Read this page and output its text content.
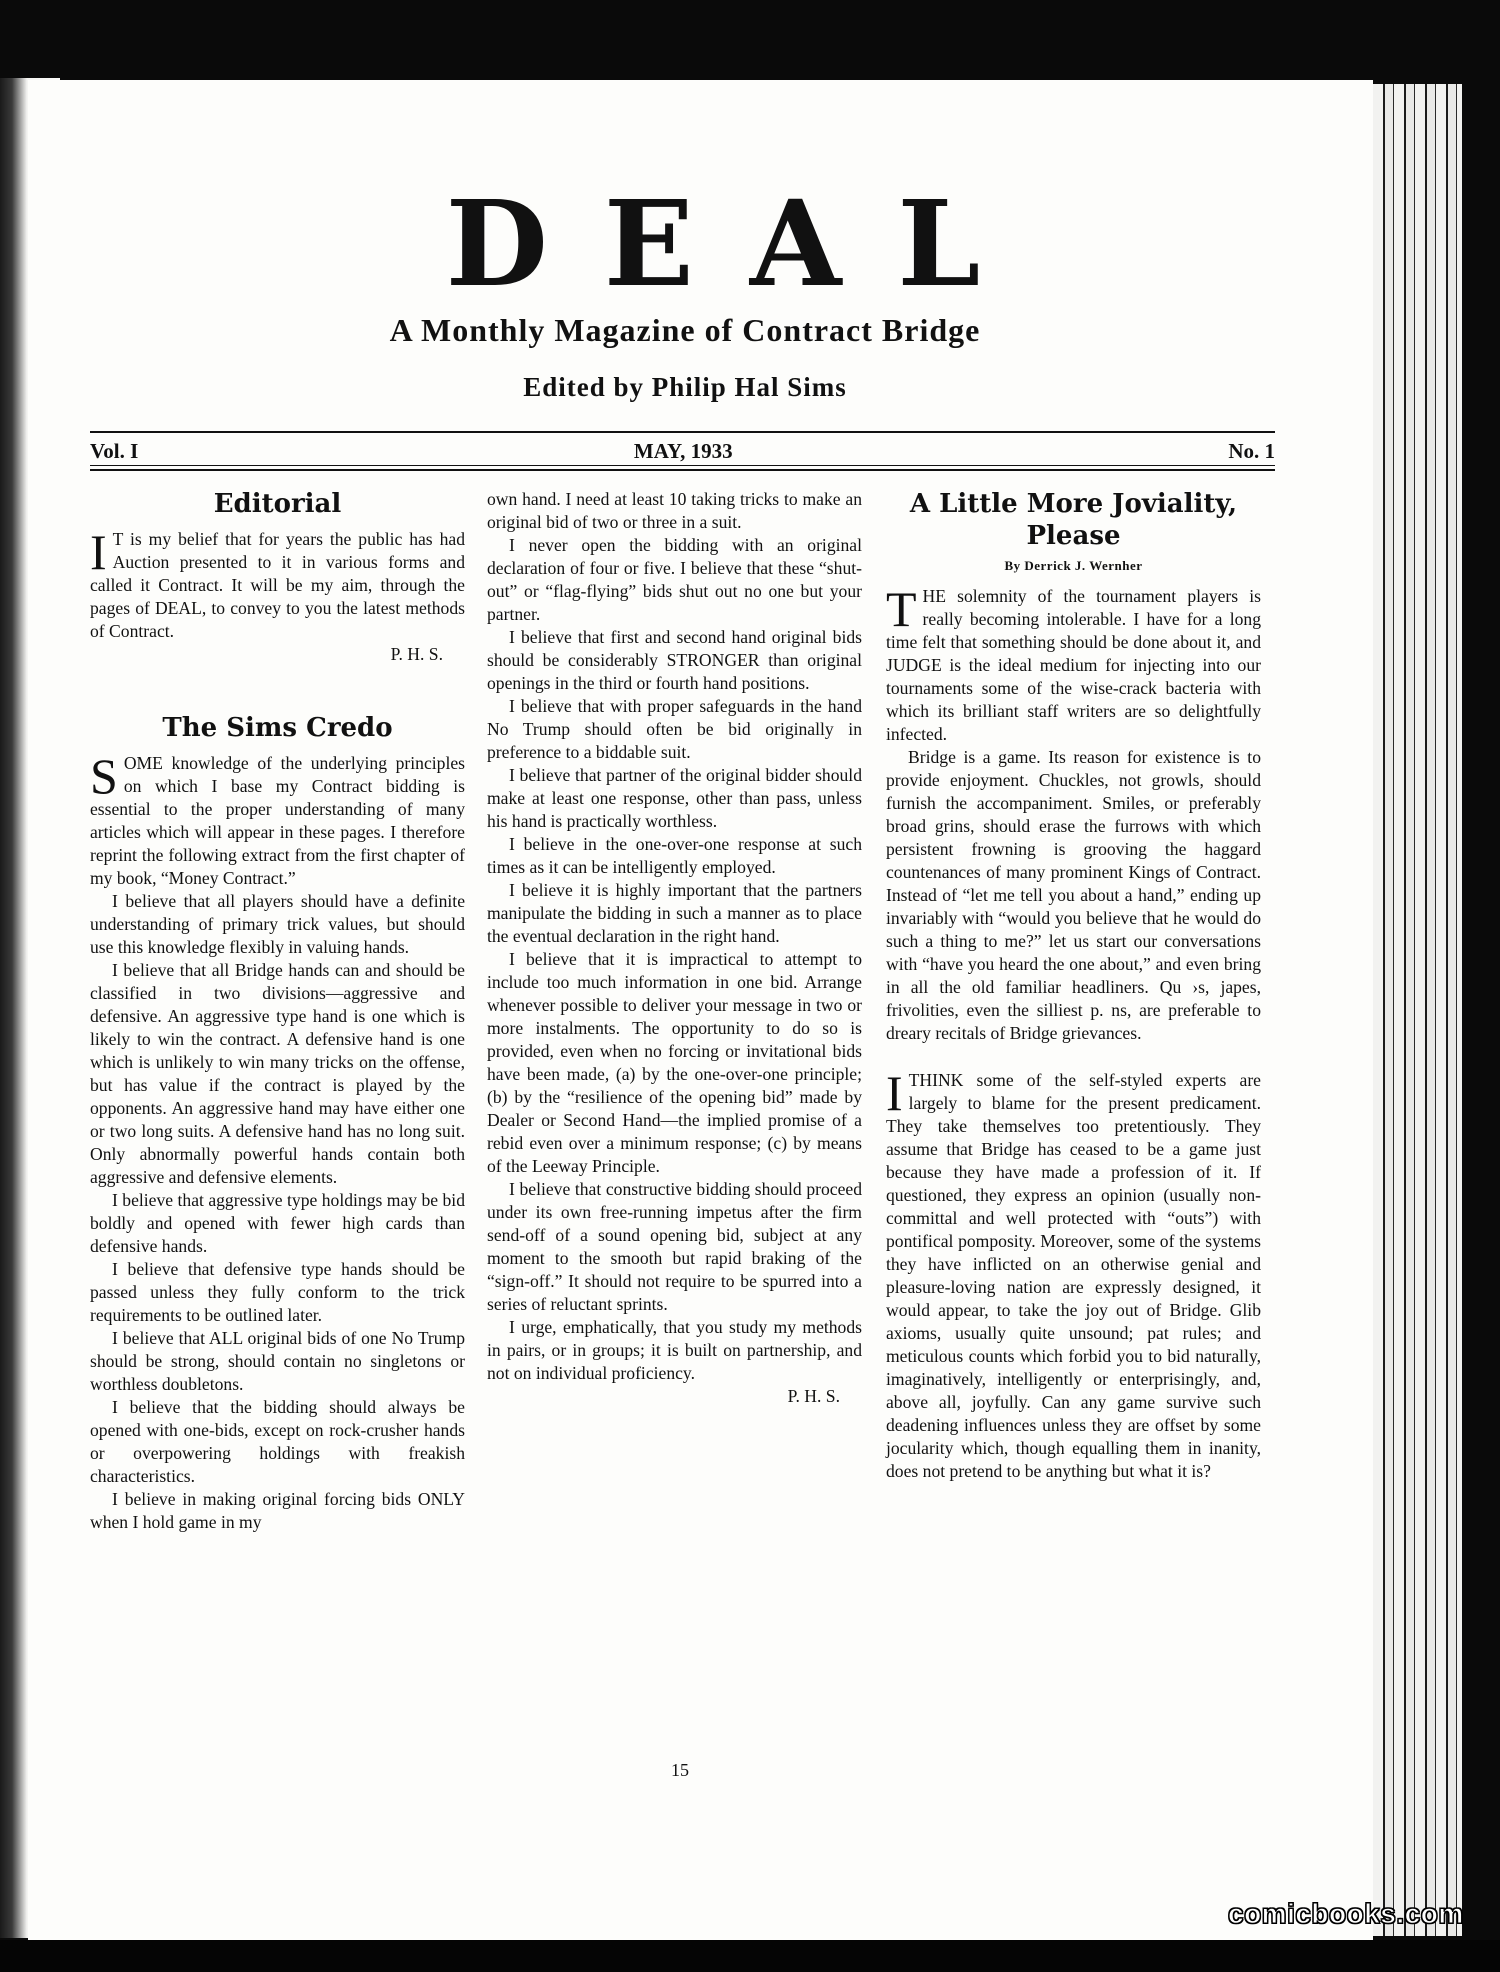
DEAL
A Monthly Magazine of Contract Bridge
Edited by Philip Hal Sims
Vol. I	MAY, 1933	No. 1
Editorial

I T is my belief that for years the public has had Auction presented to it in various forms and called it Contract. It will be my aim, through the pages of DEAL, to convey to you the latest methods of Contract.

P. H. S.

The Sims Credo

SOME knowledge of the underlying principles on which I base my Contract bidding is essential to the proper understanding of many articles which will appear in these pages. I therefore reprint the following extract from the first chapter of my book, “Money Contract.”

I believe that all players should have a definite understanding of primary trick values, but should use this knowledge flexibly in valuing hands.

I believe that all Bridge hands can and should be classified in two divisions—aggressive and defensive. An aggressive type hand is one which is likely to win the contract. A defensive hand is one which is unlikely to win many tricks on the offense, but has value if the contract is played by the opponents. An aggressive hand may have either one or two long suits. A defensive hand has no long suit. Only abnormally powerful hands contain both aggressive and defensive elements.

I believe that aggressive type holdings may be bid boldly and opened with fewer high cards than defensive hands.

I believe that defensive type hands should be passed unless they fully conform to the trick requirements to be outlined later.

I believe that ALL original bids of one No Trump should be strong, should contain no singletons or worthless doubletons.

I believe that the bidding should always be opened with one-bids, except on rock-crusher hands or overpowering holdings with freakish characteristics.

I believe in making original forcing bids ONLY when I hold game in my

own hand. I need at least 10 taking tricks to make an original bid of two or three in a suit.

I never open the bidding with an original declaration of four or five. I believe that these “shut-out” or “flag-flying” bids shut out no one but your partner.

I believe that first and second hand original bids should be considerably STRONGER than original openings in the third or fourth hand positions.

I believe that with proper safeguards in the hand No Trump should often be bid originally in preference to a biddable suit.

I believe that partner of the original bidder should make at least one response, other than pass, unless his hand is practically worthless.

I believe in the one-over-one response at such times as it can be intelligently employed.

I believe it is highly important that the partners manipulate the bidding in such a manner as to place the eventual declaration in the right hand.

I believe that it is impractical to attempt to include too much information in one bid. Arrange whenever possible to deliver your message in two or more instalments. The opportunity to do so is provided, even when no forcing or invitational bids have been made, (a) by the one-over-one principle; (b) by the “resilience of the opening bid” made by Dealer or Second Hand—the implied promise of a rebid even over a minimum response; (c) by means of the Leeway Principle.

I believe that constructive bidding should proceed under its own free-running impetus after the firm send-off of a sound opening bid, subject at any moment to the smooth but rapid braking of the “sign-off.” It should not require to be spurred into a series of reluctant sprints.

I urge, emphatically, that you study my methods in pairs, or in groups; it is built on partnership, and not on individual proficiency.

P. H. S.

A Little More Joviality, Please
By Derrick J. Wernher

THE solemnity of the tournament players is really becoming intolerable. I have for a long time felt that something should be done about it, and JUDGE is the ideal medium for injecting into our tournaments some of the wise-crack bacteria with which its brilliant staff writers are so delightfully infected.

Bridge is a game. Its reason for existence is to provide enjoyment. Chuckles, not growls, should furnish the accompaniment. Smiles, or preferably broad grins, should erase the furrows with which persistent frowning is grooving the haggard countenances of many prominent Kings of Contract. Instead of “let me tell you about a hand,” ending up invariably with “would you believe that he would do such a thing to me?” let us start our conversations with “have you heard the one about,” and even bring in all the old familiar headliners. Qu ›s, japes, frivolities, even the silliest p. ns, are preferable to dreary recitals of Bridge grievances.

ITHINK some of the self-styled experts are largely to blame for the present predicament. They take themselves too pretentiously. They assume that Bridge has ceased to be a game just because they have made a profession of it. If questioned, they express an opinion (usually non-committal and well protected with “outs”) with pontifical pomposity. Moreover, some of the systems they have inflicted on an otherwise genial and pleasure-loving nation are expressly designed, it would appear, to take the joy out of Bridge. Glib axioms, usually quite unsound; pat rules; and meticulous counts which forbid you to bid naturally, imaginatively, intelligently or enterprisingly, and, above all, joyfully. Can any game survive such deadening influences unless they are offset by some jocularity which, though equalling them in inanity, does not pretend to be anything but what it is?

15
comicbooks.com
